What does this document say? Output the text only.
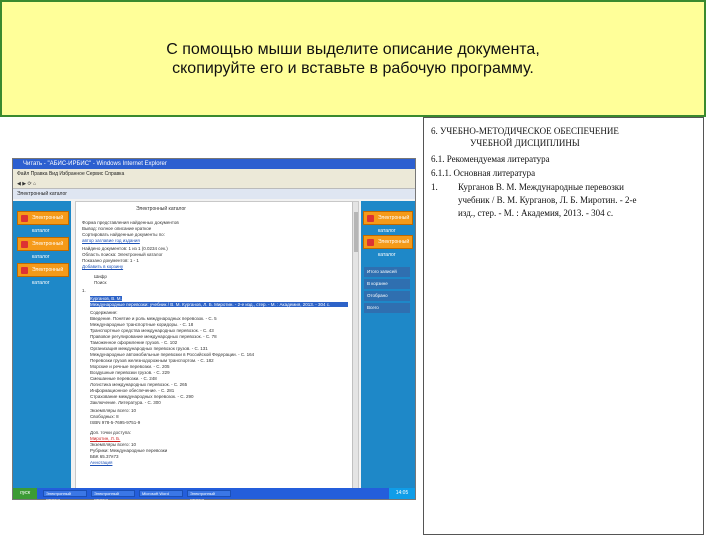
С помощью мыши выделите описание документа,
скопируйте его и вставьте в рабочую программу.
Читать - "АБИС-ИРБИС" - Windows Internet Explorer
Файл Правка Вид Избранное Сервис Справка
◀ ▶ ⟳ ⌂
Электронный каталог
Электронный каталог
Электронный каталог
Электронный каталог
Электронный каталог
Форма представления найденных документов
Вывод: полное описание краткое
Сортировать найденные документы по:
автор заглавие год издания
Найдено документов: 1 из 1 (0.0234 сек.)
Область поиска: Электронный каталог
Показано документов: 1 - 1
Добавить в корзину
Шифр
Поиск
1.
Курганов, В. М.
Международные перевозки: учебник / В. М. Курганов, Л. Б. Миротин. - 2-е изд., стер. - М. : Академия, 2013. - 304 с.
Содержание:
Введение. Понятие и роль международных перевозок. - С. 5
Международные транспортные коридоры. - С. 18
Транспортные средства международных перевозок. - С. 43
Правовое регулирование международных перевозок. - С. 78
Таможенное оформление грузов. - С. 102
Организация международных перевозок грузов. - С. 131
Международные автомобильные перевозки в Российской Федерации. - С. 164
Перевозки грузов железнодорожным транспортом. - С. 182
Морские и речные перевозки. - С. 205
Воздушные перевозки грузов. - С. 229
Смешанные перевозки. - С. 248
Логистика международных перевозок. - С. 265
Информационное обеспечение. - С. 281
Страхование международных перевозок. - С. 290
Заключение. Литература. - С. 300
Экземпляры всего: 10
Свободных: 8
ISBN 978-5-7695-9751-9
Доп. точки доступа:
Миротин, Л. Б.
Экземпляры всего: 10
Рубрики: Международные перевозки
ББК 65.37я73
Аннотация
Электронный каталог
Электронный каталог
Итого записей
В корзине
Отобрано
Всего
пуск	Электронный каталог
Электронный каталог
Microsoft Word	Электронный каталог
14:05
6. УЧЕБНО-МЕТОДИЧЕСКОЕ ОБЕСПЕЧЕНИЕ
УЧЕБНОЙ ДИСЦИПЛИНЫ
6.1. Рекомендуемая литература
6.1.1. Основная литература
1. Курганов В. М. Международные перевозки
учебник / В. М. Курганов, Л. Б. Миротин. - 2-е
изд., стер. - М. : Академия, 2013. - 304 с.
